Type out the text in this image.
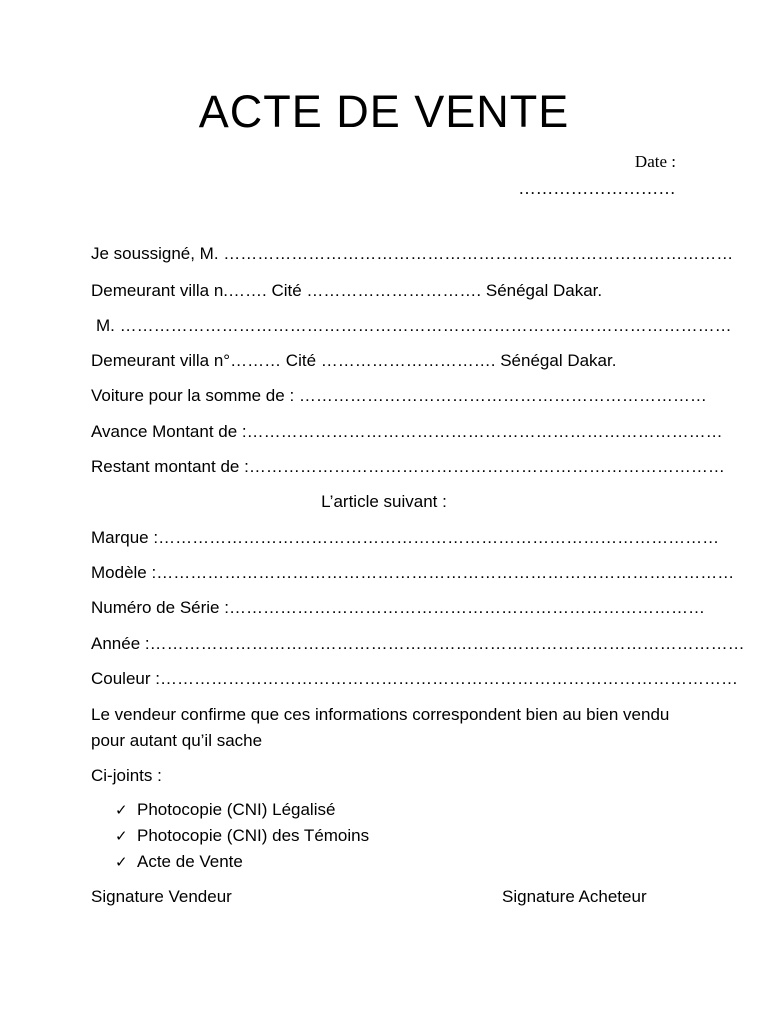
ACTE DE VENTE
Date :
………………………
Je soussigné, M. ………………………………………………………………………………
Demeurant villa n.……. Cité …………………………. Sénégal Dakar.
M. ………………………………………………………………………………………………
Demeurant villa n°……… Cité …………………………. Sénégal Dakar.
Voiture pour la somme de : ………………………………………………………………
Avance Montant de :…………………………………………………………………………
Restant montant de :…………………………………………………………………………
L’article suivant :
Marque :………………………………………………………………………………………
Modèle :…………………………………………………………………………………………
Numéro de Série :…………………………………………………………………………
Année :……………………………………………………………………………………………
Couleur :…………………………………………………………………………………………
Le vendeur confirme que ces informations correspondent bien au bien vendu pour autant qu’il sache
Ci-joints :
✓ Photocopie (CNI) Légalisé
✓ Photocopie (CNI) des Témoins
✓ Acte de Vente
Signature Vendeur	Signature Acheteur
